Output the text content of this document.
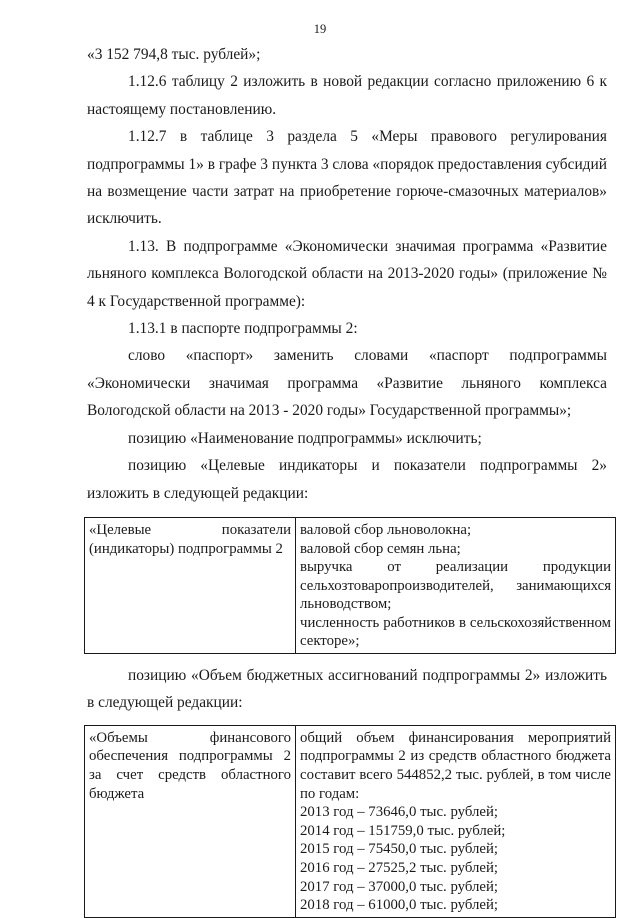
19

«3 152 794,8 тыс. рублей»;

1.12.6 таблицу 2 изложить в новой редакции согласно приложению 6 к настоящему постановлению.

1.12.7 в таблице 3 раздела 5 «Меры правового регулирования подпрограммы 1» в графе 3 пункта 3 слова «порядок предоставления субсидий на возмещение части затрат на приобретение горюче-смазочных материалов» исключить.

1.13. В подпрограмме «Экономически значимая программа «Развитие льняного комплекса Вологодской области на 2013-2020 годы» (приложение № 4 к Государственной программе):

1.13.1 в паспорте подпрограммы 2:

слово «паспорт» заменить словами «паспорт подпрограммы «Экономически значимая программа «Развитие льняного комплекса Вологодской области на 2013 - 2020 годы» Государственной программы»;

позицию «Наименование подпрограммы» исключить;

позицию «Целевые индикаторы и показатели подпрограммы 2» изложить в следующей редакции:

«Целевые показатели (индикаторы) подпрограммы 2

валовой сбор льноволокна;
валовой сбор семян льна;
выручка от реализации продукции сельхозтоваропроизводителей, занимающихся льноводством;
численность работников в сельскохозяйственном секторе»;

позицию «Объем бюджетных ассигнований подпрограммы 2» изложить в следующей редакции:

«Объемы финансового обеспечения подпрограммы 2 за счет средств областного бюджета

общий объем финансирования мероприятий подпрограммы 2 из средств областного бюджета составит всего 544852,2 тыс. рублей, в том числе по годам:
2013 год – 73646,0 тыс. рублей;
2014 год – 151759,0 тыс. рублей;
2015 год – 75450,0 тыс. рублей;
2016 год – 27525,2 тыс. рублей;
2017 год – 37000,0 тыс. рублей;
2018 год – 61000,0 тыс. рублей;
